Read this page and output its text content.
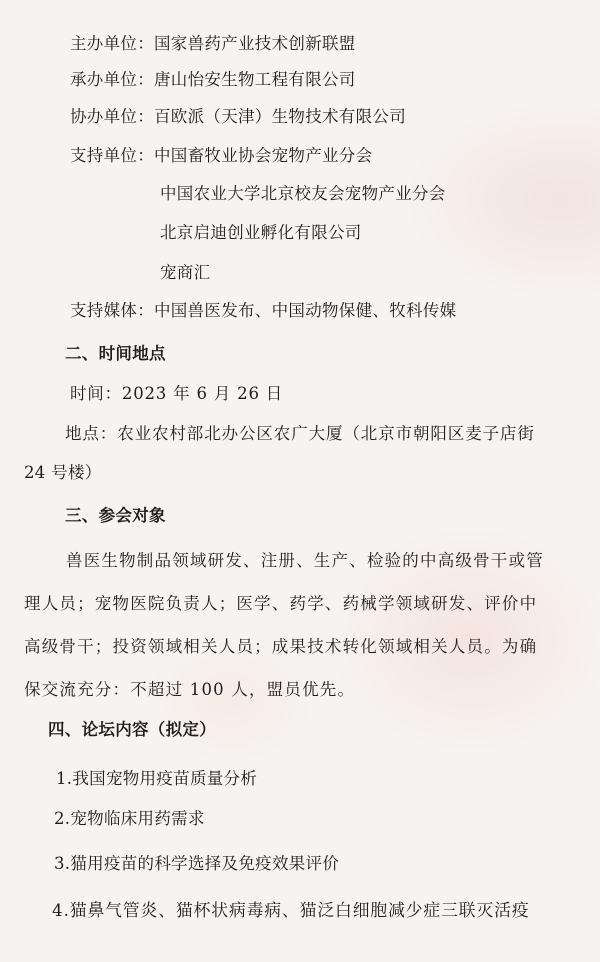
主办单位：国家兽药产业技术创新联盟
承办单位：唐山怡安生物工程有限公司
协办单位：百欧派（天津）生物技术有限公司
支持单位：中国畜牧业协会宠物产业分会
中国农业大学北京校友会宠物产业分会
北京启迪创业孵化有限公司
宠商汇
支持媒体：中国兽医发布、中国动物保健、牧科传媒
二、时间地点
时间：2023 年 6 月 26 日
地点：农业农村部北办公区农广大厦（北京市朝阳区麦子店街
24 号楼）
三、参会对象
兽医生物制品领域研发、注册、生产、检验的中高级骨干或管
理人员；宠物医院负责人；医学、药学、药械学领域研发、评价中
高级骨干；投资领域相关人员；成果技术转化领域相关人员。为确
保交流充分：不超过 100 人，盟员优先。
四、论坛内容（拟定）
1.我国宠物用疫苗质量分析
2.宠物临床用药需求
3.猫用疫苗的科学选择及免疫效果评价
4.猫鼻气管炎、猫杯状病毒病、猫泛白细胞减少症三联灭活疫
